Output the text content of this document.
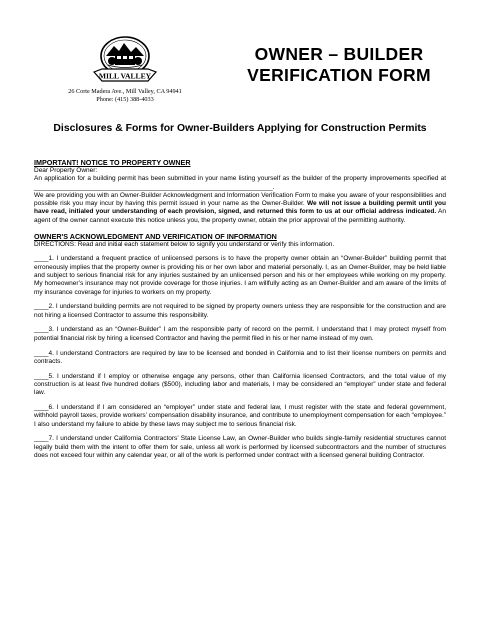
MILL VALLEY
26 Corte Madera Ave., Mill Valley, CA 94941
Phone: (415) 388-4033
OWNER – BUILDER
VERIFICATION FORM
Disclosures & Forms for Owner-Builders Applying for Construction Permits

IMPORTANT! NOTICE TO PROPERTY OWNER

Dear Property Owner:

An application for a building permit has been submitted in your name listing yourself as the builder of the property improvements specified at __________________________________________________________________.

We are providing you with an Owner-Builder Acknowledgment and Information Verification Form to make you aware of your responsibilities and possible risk you may incur by having this permit issued in your name as the Owner-Builder. We will not issue a building permit until you have read, initialed your understanding of each provision, signed, and returned this form to us at our official address indicated. An agent of the owner cannot execute this notice unless you, the property owner, obtain the prior approval of the permitting authority.

OWNER'S ACKNOWLEDGMENT AND VERIFICATION OF INFORMATION

DIRECTIONS: Read and initial each statement below to signify you understand or verify this information.

____1. I understand a frequent practice of unlicensed persons is to have the property owner obtain an “Owner-Builder” building permit that erroneously implies that the property owner is providing his or her own labor and material personally. I, as an Owner-Builder, may be held liable and subject to serious financial risk for any injuries sustained by an unlicensed person and his or her employees while working on my property. My homeowner’s insurance may not provide coverage for those injuries. I am willfully acting as an Owner-Builder and am aware of the limits of my insurance coverage for injuries to workers on my property.

____2. I understand building permits are not required to be signed by property owners unless they are responsible for the construction and are not hiring a licensed Contractor to assume this responsibility.

____3. I understand as an “Owner-Builder” I am the responsible party of record on the permit. I understand that I may protect myself from potential financial risk by hiring a licensed Contractor and having the permit filed in his or her name instead of my own.

____4. I understand Contractors are required by law to be licensed and bonded in California and to list their license numbers on permits and contracts.

____5. I understand if I employ or otherwise engage any persons, other than California licensed Contractors, and the total value of my construction is at least five hundred dollars ($500), including labor and materials, I may be considered an “employer” under state and federal law.

____6. I understand if I am considered an “employer” under state and federal law, I must register with the state and federal government, withhold payroll taxes, provide workers’ compensation disability insurance, and contribute to unemployment compensation for each “employee.” I also understand my failure to abide by these laws may subject me to serious financial risk.

____7. I understand under California Contractors’ State License Law, an Owner-Builder who builds single-family residential structures cannot legally build them with the intent to offer them for sale, unless all work is performed by licensed subcontractors and the number of structures does not exceed four within any calendar year, or all of the work is performed under contract with a licensed general building Contractor.
